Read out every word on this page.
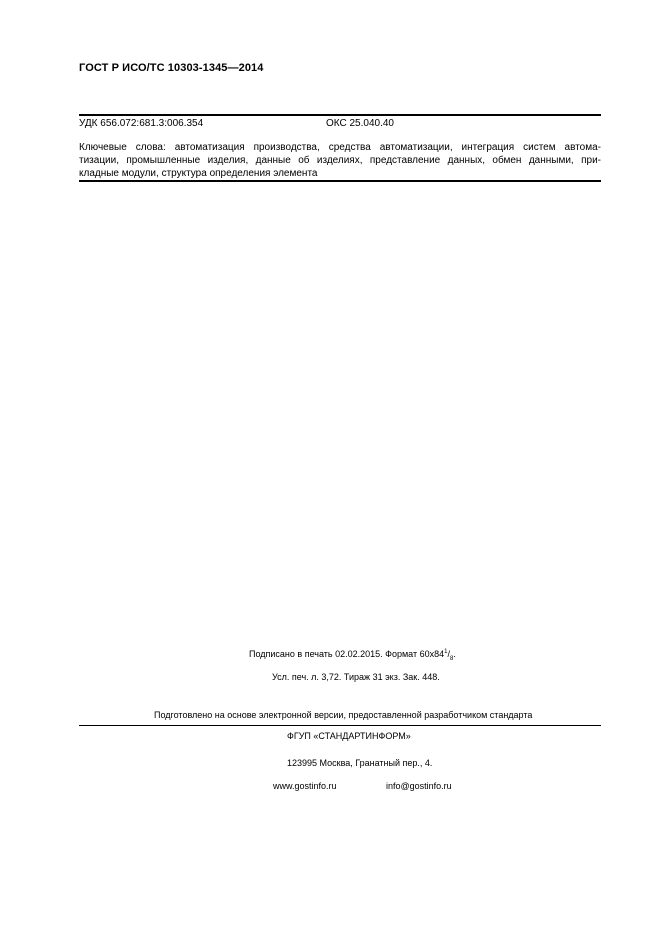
ГОСТ Р ИСО/ТС 10303-1345—2014
УДК 656.072:681.3:006.354	ОКС 25.040.40
Ключевые слова: автоматизация производства, средства автоматизации, интеграция систем автома-
тизации, промышленные изделия, данные об изделиях, представление данных, обмен данными, при-
кладные модули, структура определения элемента
Подписано в печать 02.02.2015. Формат $60х84^1/_8$.
Усл. печ. л. 3,72. Тираж 31 экз. Зак. 448.
Подготовлено на основе электронной версии, предоставленной разработчиком стандарта
ФГУП «СТАНДАРТИНФОРМ»
123995 Москва, Гранатный пер., 4.
www.gostinfo.ru	info@gostinfo.ru
